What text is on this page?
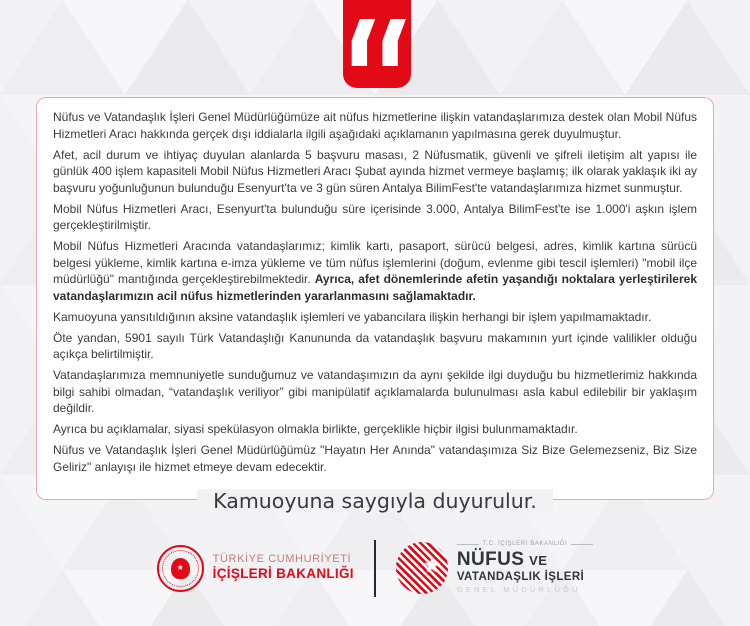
Nüfus ve Vatandaşlık İşleri Genel Müdürlüğümüze ait nüfus hizmetlerine ilişkin vatandaşlarımıza destek olan Mobil Nüfus Hizmetleri Aracı hakkında gerçek dışı iddialarla ilgili aşağıdaki açıklamanın yapılmasına gerek duyulmuştur.

Afet, acil durum ve ihtiyaç duyulan alanlarda 5 başvuru masası, 2 Nüfusmatik, güvenli ve şifreli iletişim alt yapısı ile günlük 400 işlem kapasiteli Mobil Nüfus Hizmetleri Aracı Şubat ayında hizmet vermeye başlamış; ilk olarak yaklaşık iki ay başvuru yoğunluğunun bulunduğu Esenyurt'ta ve 3 gün süren Antalya BilimFest'te vatandaşlarımıza hizmet sunmuştur.

Mobil Nüfus Hizmetleri Aracı, Esenyurt'ta bulunduğu süre içerisinde 3.000, Antalya BilimFest'te ise 1.000'i aşkın işlem gerçekleştirilmiştir.

Mobil Nüfus Hizmetleri Aracında vatandaşlarımız; kimlik kartı, pasaport, sürücü belgesi, adres, kimlik kartına sürücü belgesi yükleme, kimlik kartına e-imza yükleme ve tüm nüfus işlemlerini (doğum, evlenme gibi tescil işlemleri) "mobil ilçe müdürlüğü" mantığında gerçekleştirebilmektedir. Ayrıca, afet dönemlerinde afetin yaşandığı noktalara yerleştirilerek vatandaşlarımızın acil nüfus hizmetlerinden yararlanmasını sağlamaktadır.

Kamuoyuna yansıtıldığının aksine vatandaşlık işlemleri ve yabancılara ilişkin herhangi bir işlem yapılmamaktadır.

Öte yandan, 5901 sayılı Türk Vatandaşlığı Kanununda da vatandaşlık başvuru makamının yurt içinde valilikler olduğu açıkça belirtilmiştir.

Vatandaşlarımıza memnuniyetle sunduğumuz ve vatandaşımızın da aynı şekilde ilgi duyduğu bu hizmetlerimiz hakkında bilgi sahibi olmadan, “vatandaşlık veriliyor” gibi manipülatif açıklamalarda bulunulması asla kabul edilebilir bir yaklaşım değildir.

Ayrıca bu açıklamalar, siyasi spekülasyon olmakla birlikte, gerçeklikle hiçbir ilgisi bulunmamaktadır.

Nüfus ve Vatandaşlık İşleri Genel Müdürlüğümüz "Hayatın Her Anında" vatandaşımıza Siz Bize Gelemezseniz, Biz Size Geliriz" anlayışı ile hizmet etmeye devam edecektir.

Kamuoyuna saygıyla duyurulur.
★
TÜRKİYE CUMHURİYETİ
İÇİŞLERİ BAKANLIĞI	★
T.C. İÇİŞLERİ BAKANLIĞI
NÜFUS VE
VATANDAŞLIK İŞLERİ
GENEL MÜDÜRLÜĞÜ
